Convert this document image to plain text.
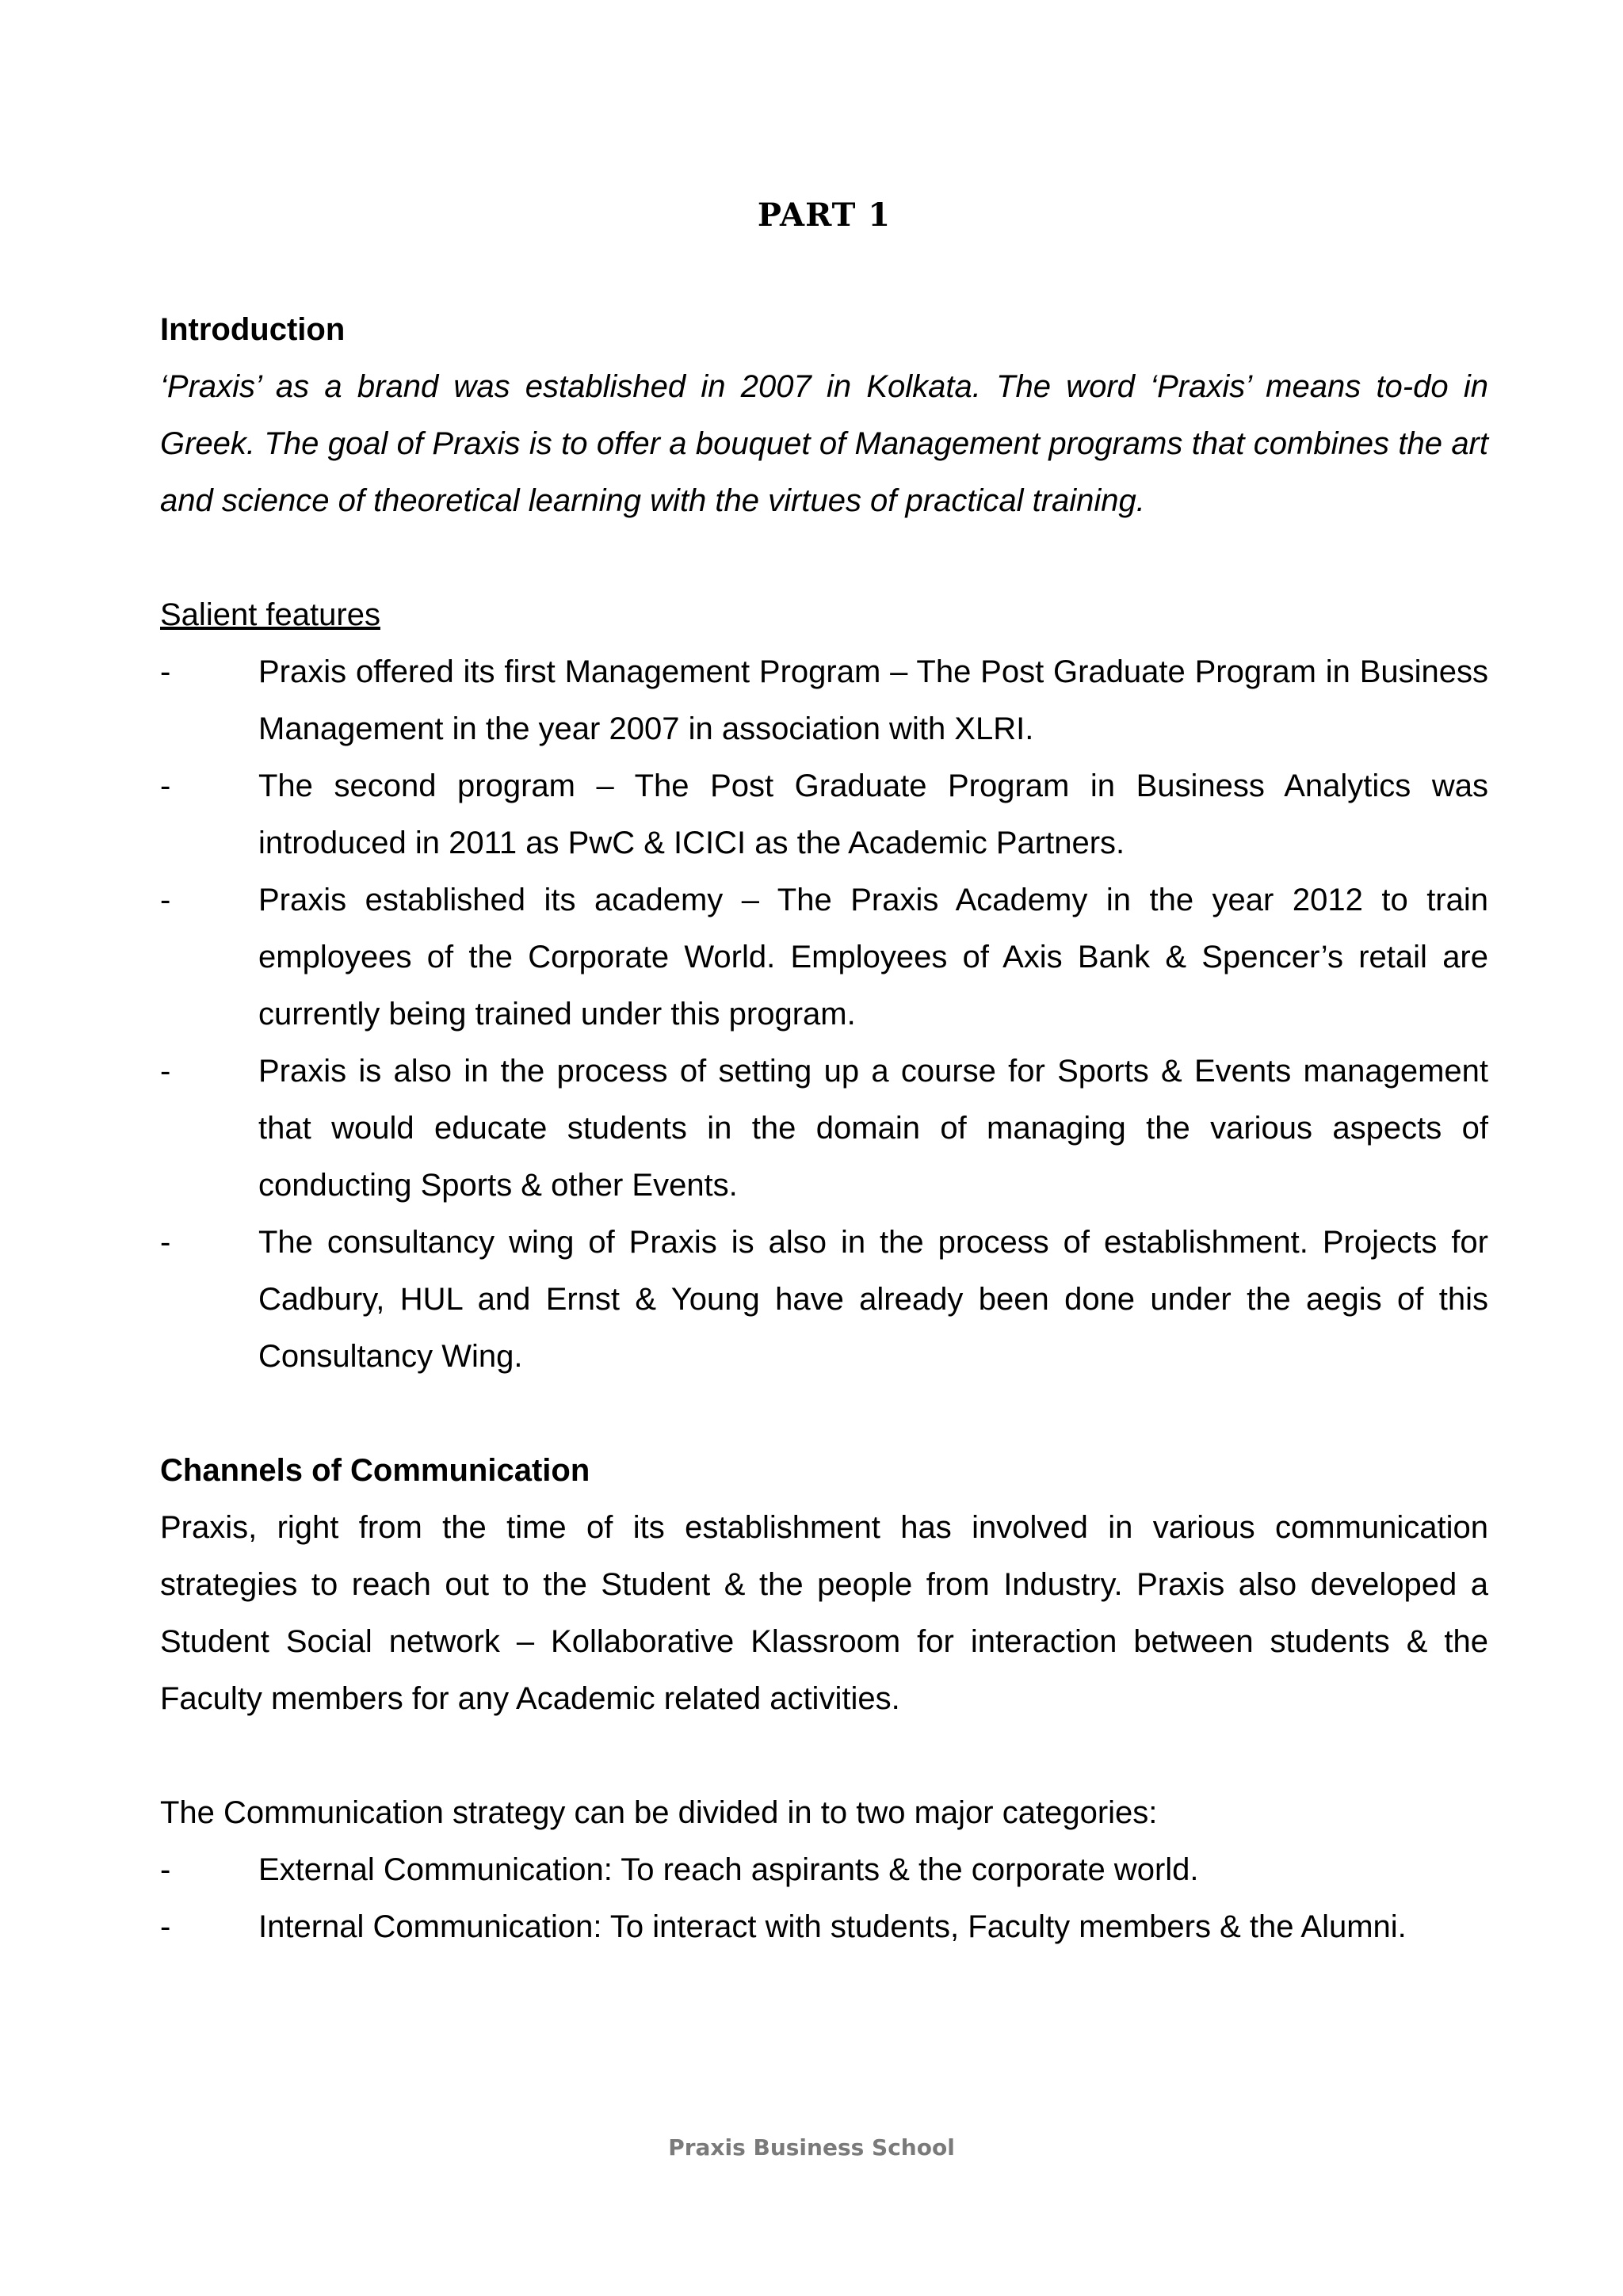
PART 1

Introduction

‘Praxis’ as a brand was established in 2007 in Kolkata. The word ‘Praxis’ means to-do in Greek. The goal of Praxis is to offer a bouquet of Management programs that combines the art and science of theoretical learning with the virtues of practical training.

Salient features

-	Praxis offered its first Management Program – The Post Graduate Program in Business Management in the year 2007 in association with XLRI.
-	The second program – The Post Graduate Program in Business Analytics was introduced in 2011 as PwC & ICICI as the Academic Partners.
-	Praxis established its academy – The Praxis Academy in the year 2012 to train employees of the Corporate World. Employees of Axis Bank & Spencer’s retail are currently being trained under this program.
-	Praxis is also in the process of setting up a course for Sports & Events management that would educate students in the domain of managing the various aspects of conducting Sports & other Events.
-	The consultancy wing of Praxis is also in the process of establishment. Projects for Cadbury, HUL and Ernst & Young have already been done under the aegis of this Consultancy Wing.

Channels of Communication

Praxis, right from the time of its establishment has involved in various communication strategies to reach out to the Student & the people from Industry. Praxis also developed a Student Social network – Kollaborative Klassroom for interaction between students & the Faculty members for any Academic related activities.

The Communication strategy can be divided in to two major categories:

-	External Communication: To reach aspirants & the corporate world.
-	Internal Communication: To interact with students, Faculty members & the Alumni.
Praxis Business School
